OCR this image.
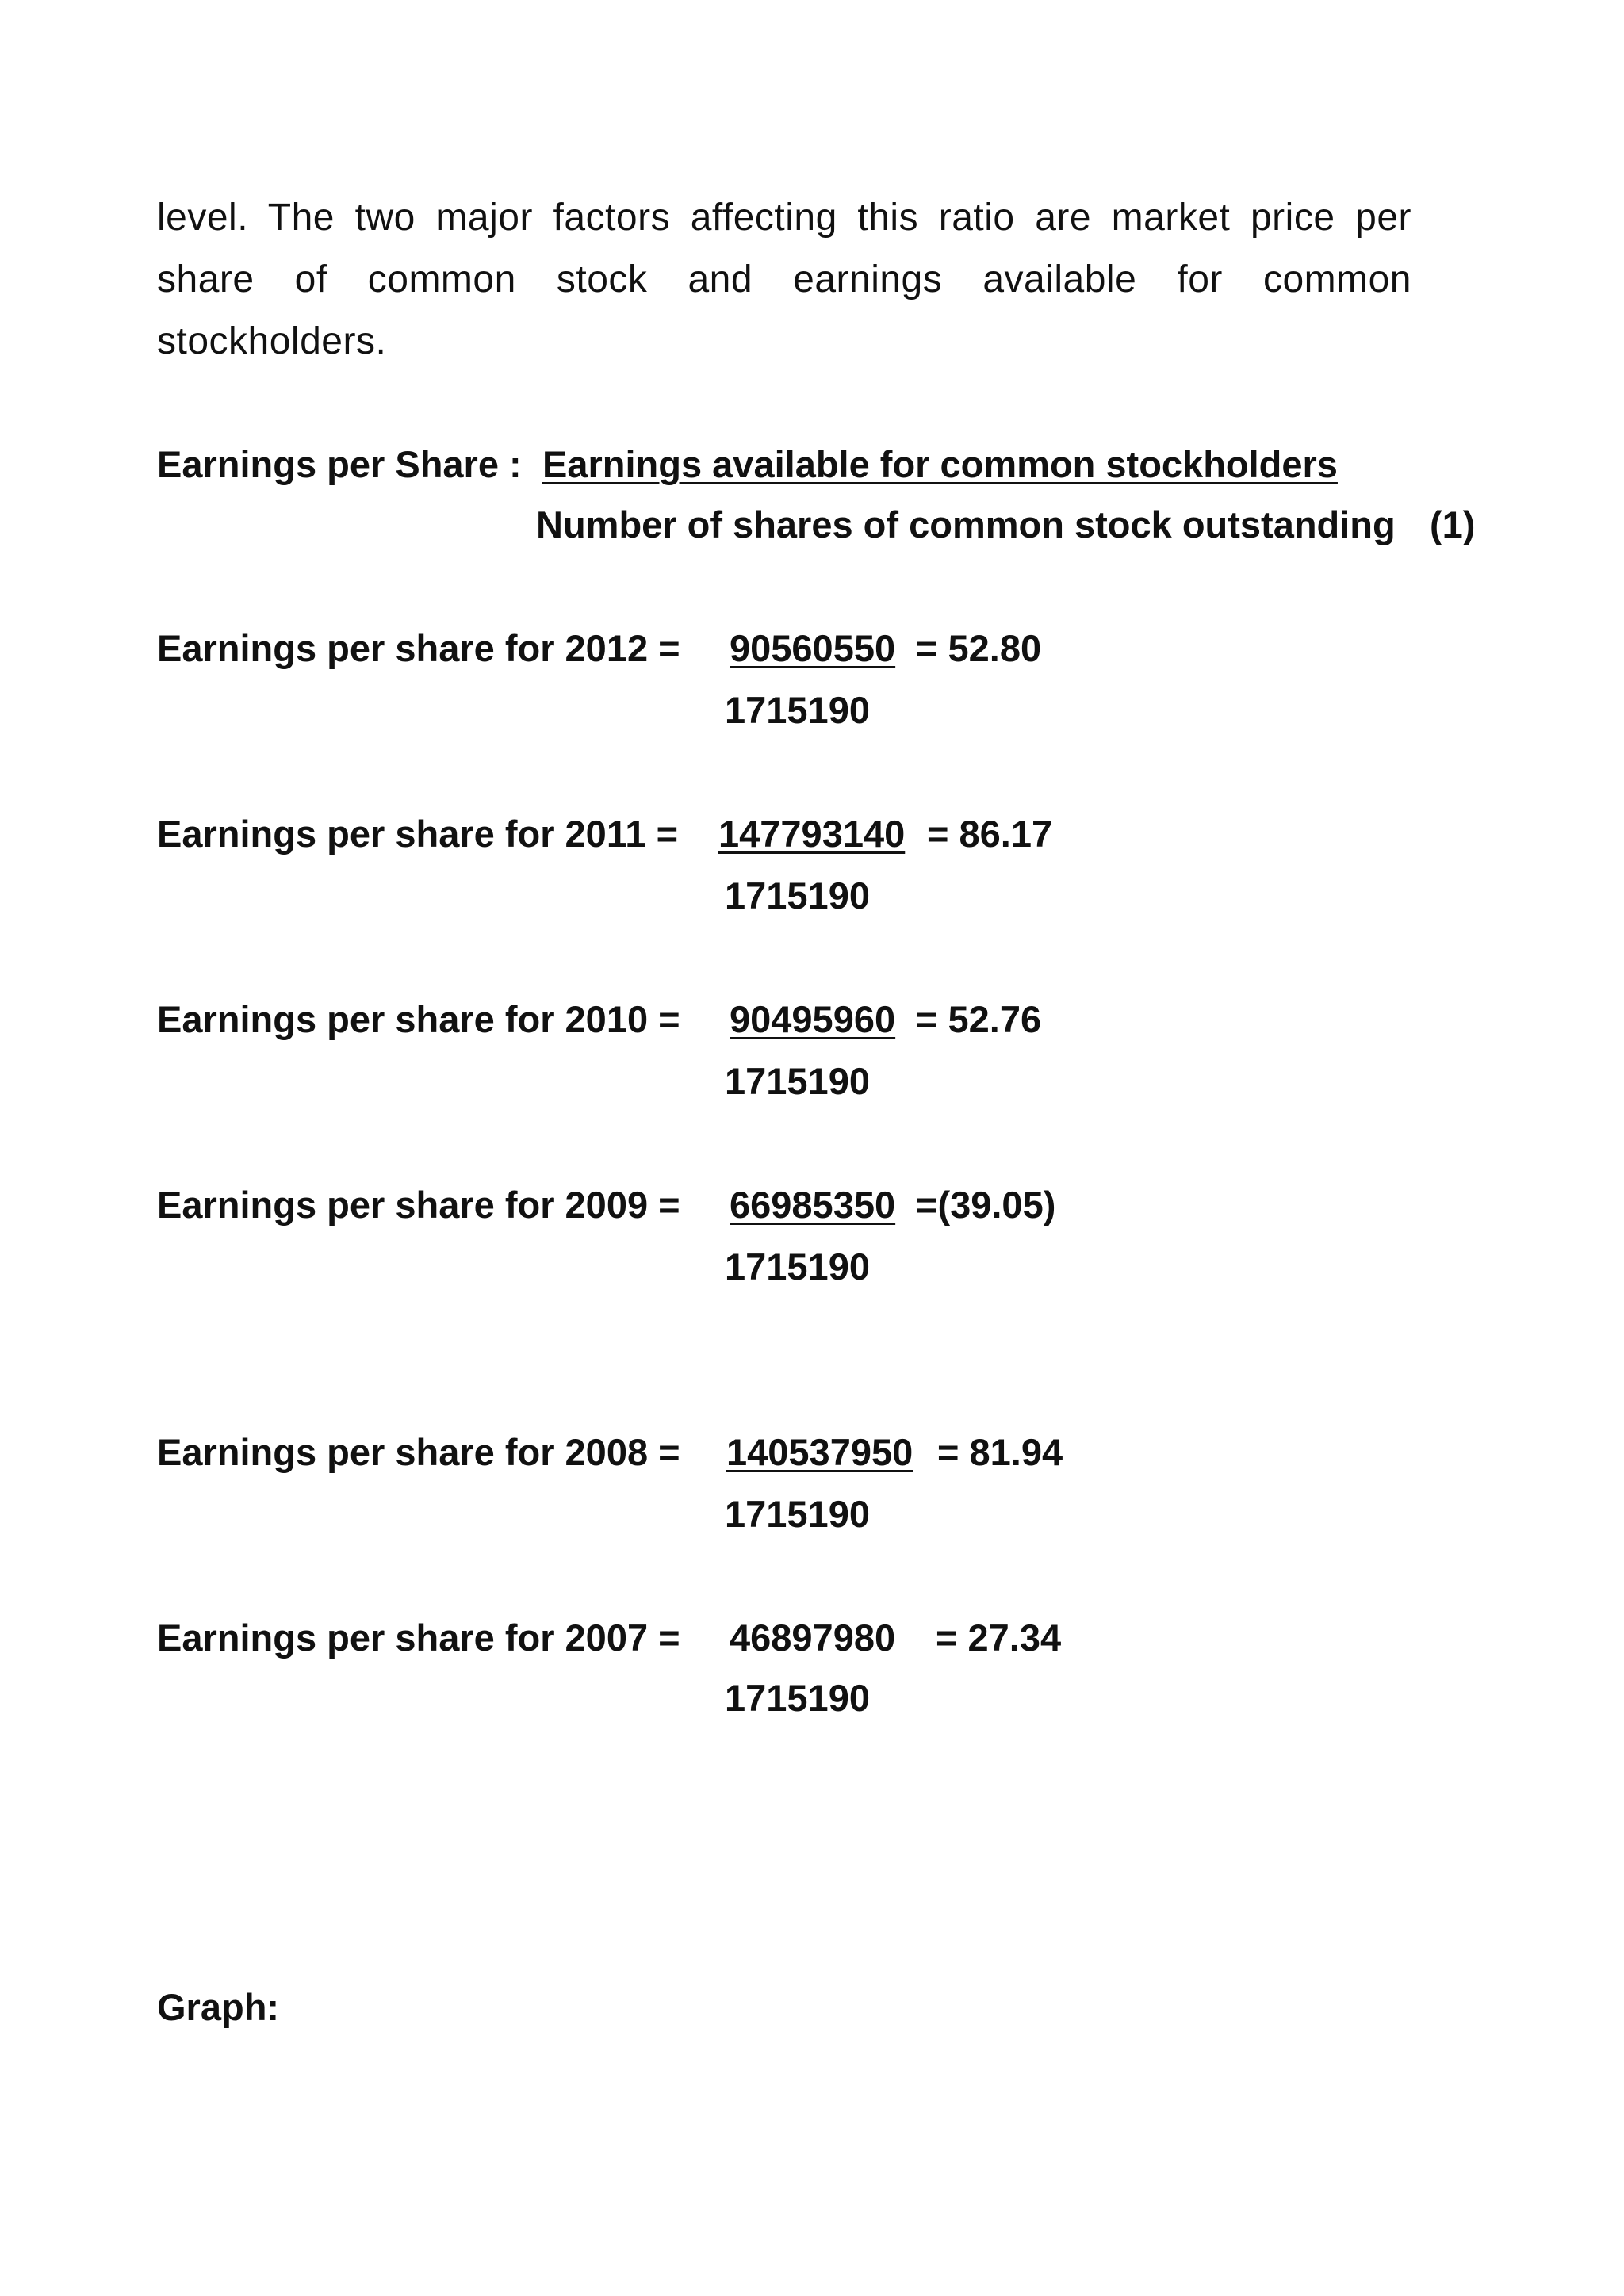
level. The two major factors affecting this ratio are market price per share of common stock and earnings available for common stockholders.

Earnings per Share : Earnings available for common stockholders
Number of shares of common stock outstanding (1)
Earnings per share for 2012 = 90560550 = 52.80
1715190
Earnings per share for 2011 = 147793140 = 86.17
1715190
Earnings per share for 2010 = 90495960 = 52.76
1715190
Earnings per share for 2009 = 66985350 =(39.05)
1715190
Earnings per share for 2008 = 140537950 = 81.94
1715190
Earnings per share for 2007 = 46897980 = 27.34
1715190
Graph:
